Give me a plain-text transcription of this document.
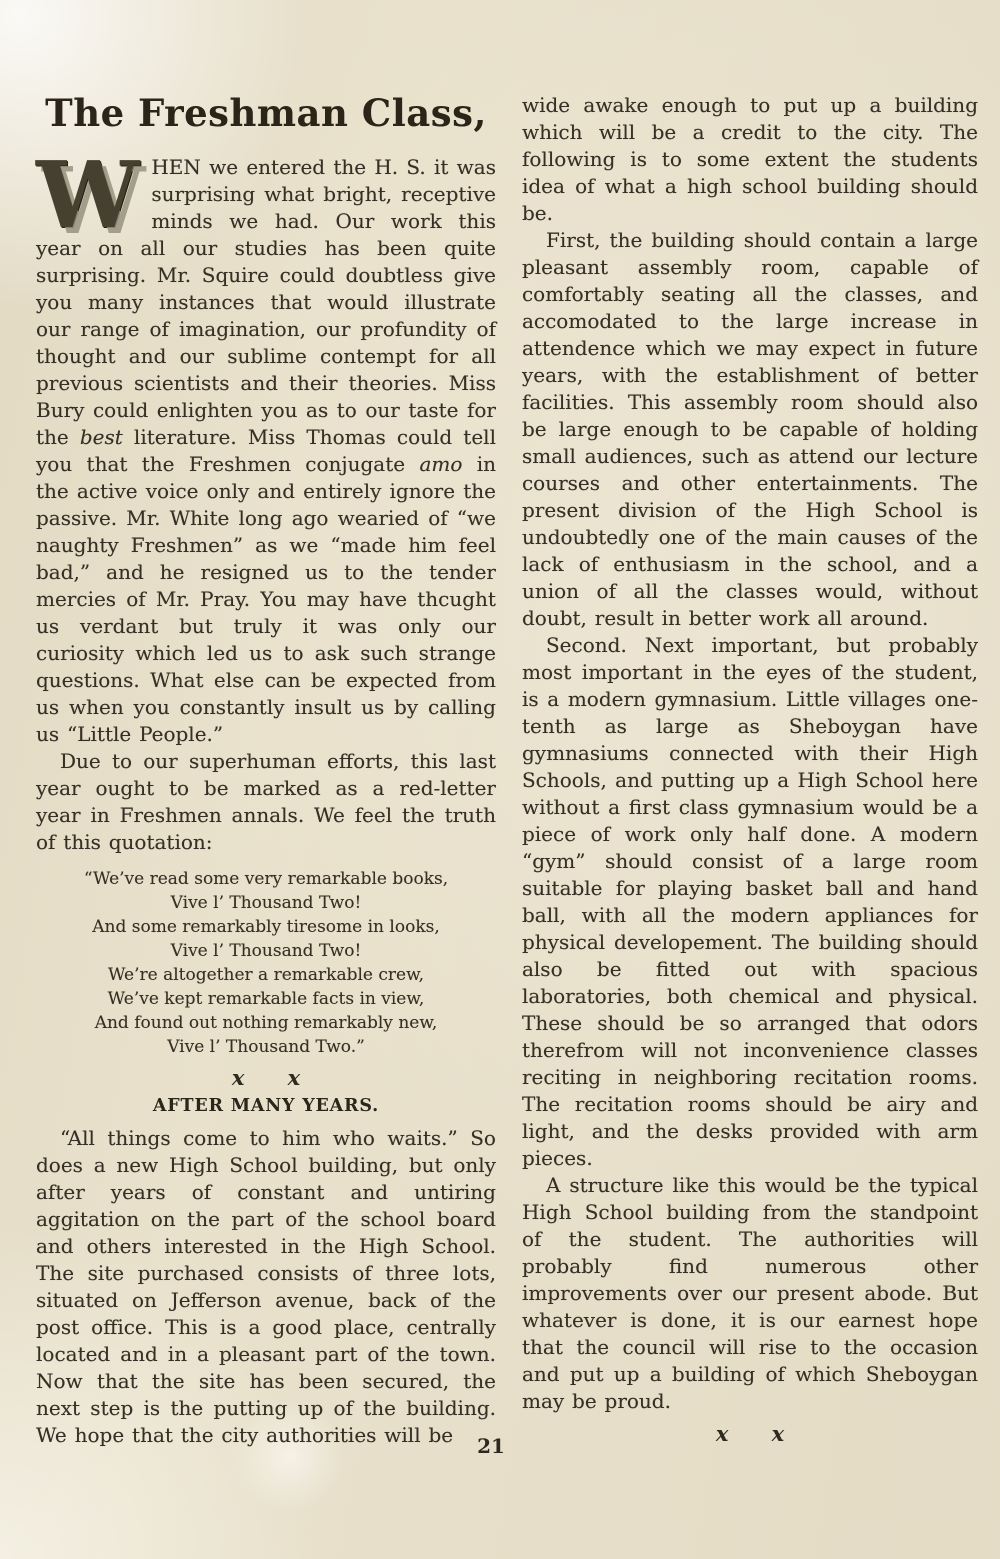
The Freshman Class,

WHEN we entered the H. S. it was surprising what bright, receptive minds we had. Our work this year on all our studies has been quite surprising. Mr. Squire could doubtless give you many instances that would illustrate our range of imagination, our profundity of thought and our sublime contempt for all previous scientists and their theories. Miss Bury could enlighten you as to our taste for the best literature. Miss Thomas could tell you that the Freshmen conjugate amo in the active voice only and entirely ignore the passive. Mr. White long ago wearied of “we naughty Freshmen” as we “made him feel bad,” and he resigned us to the tender mercies of Mr. Pray. You may have thcught us verdant but truly it was only our curiosity which led us to ask such strange questions. What else can be expected from us when you constantly insult us by calling us “Little People.”

Due to our superhuman efforts, this last year ought to be marked as a red-letter year in Freshmen annals. We feel the truth of this quotation:

“We’ve read some very remarkable books,
Vive l’ Thousand Two!
And some remarkably tiresome in looks,
Vive l’ Thousand Two!
We’re altogether a remarkable crew,
We’ve kept remarkable facts in view,
And found out nothing remarkably new,
Vive l’ Thousand Two.”
x x
AFTER MANY YEARS.

“All things come to him who waits.” So does a new High School building, but only after years of constant and untiring aggitation on the part of the school board and others interested in the High School. The site purchased consists of three lots, situated on Jefferson avenue, back of the post office. This is a good place, centrally located and in a pleasant part of the town. Now that the site has been secured, the next step is the putting up of the building. We hope that the city authorities will be

wide awake enough to put up a building which will be a credit to the city. The following is to some extent the students idea of what a high school building should be.

First, the building should contain a large pleasant assembly room, capable of comfortably seating all the classes, and accomodated to the large increase in attendence which we may expect in future years, with the establishment of better facilities. This assembly room should also be large enough to be capable of holding small audiences, such as attend our lecture courses and other entertainments. The present division of the High School is undoubtedly one of the main causes of the lack of enthusiasm in the school, and a union of all the classes would, without doubt, result in better work all around.

Second. Next important, but probably most important in the eyes of the student, is a modern gymnasium. Little villages one-tenth as large as Sheboygan have gymnasiums connected with their High Schools, and putting up a High School here without a first class gymnasium would be a piece of work only half done. A modern “gym” should consist of a large room suitable for playing basket ball and hand ball, with all the modern appliances for physical developement. The building should also be fitted out with spacious laboratories, both chemical and physical. These should be so arranged that odors therefrom will not inconvenience classes reciting in neighboring recitation rooms. The recitation rooms should be airy and light, and the desks provided with arm pieces.

A structure like this would be the typical High School building from the standpoint of the student. The authorities will probably find numerous other improvements over our present abode. But whatever is done, it is our earnest hope that the council will rise to the occasion and put up a building of which Sheboygan may be proud.

x x
21
